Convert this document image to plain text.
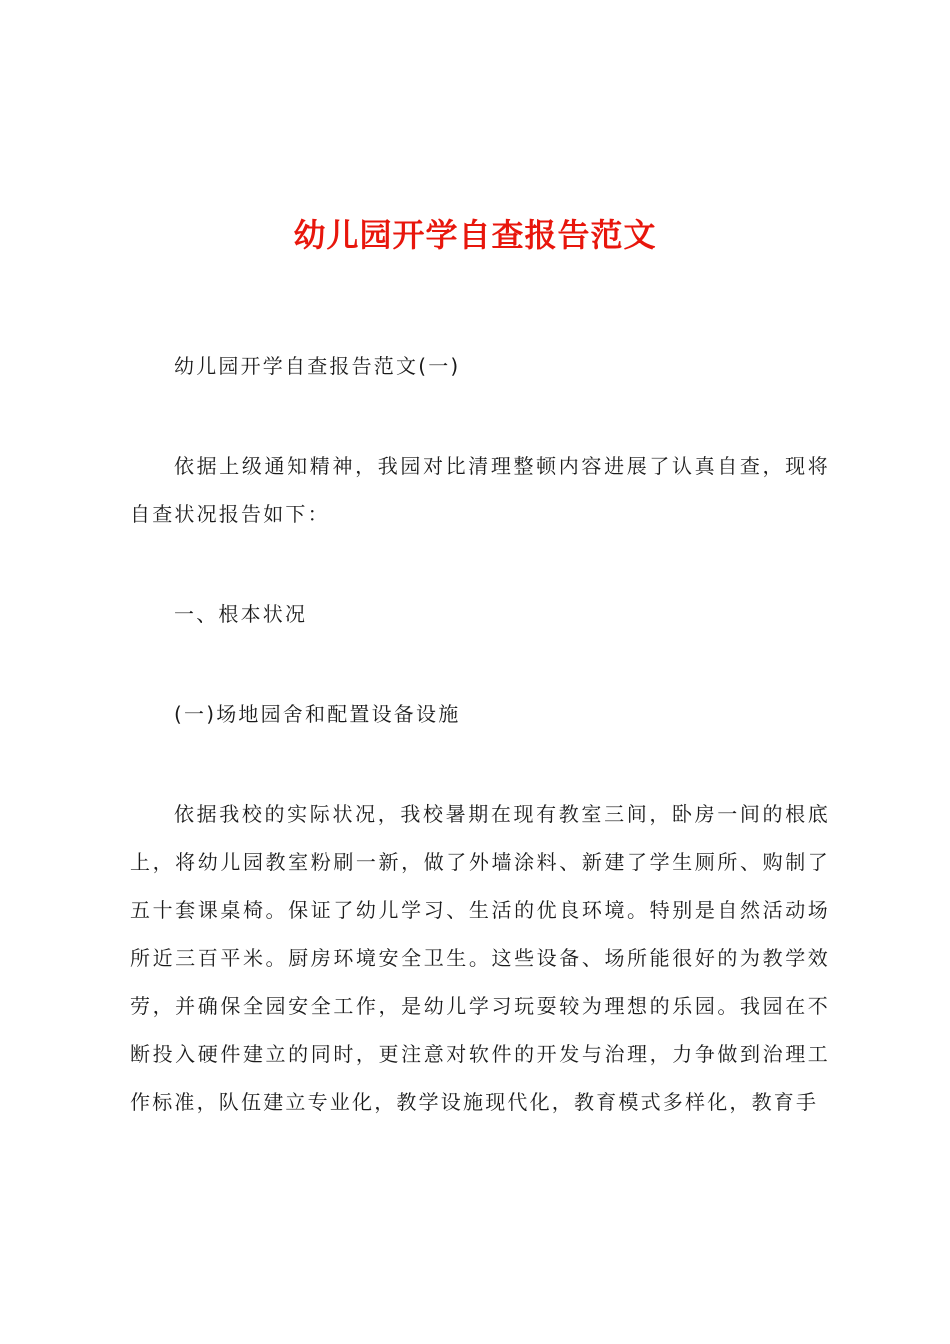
幼儿园开学自查报告范文

幼儿园开学自查报告范文(一)

依据上级通知精神，我园对比清理整顿内容进展了认真自查，现将自查状况报告如下：

一、根本状况

(一)场地园舍和配置设备设施

依据我校的实际状况，我校暑期在现有教室三间，卧房一间的根底上，将幼儿园教室粉刷一新，做了外墙涂料、新建了学生厕所、购制了五十套课桌椅。保证了幼儿学习、生活的优良环境。特别是自然活动场所近三百平米。厨房环境安全卫生。这些设备、场所能很好的为教学效劳，并确保全园安全工作，是幼儿学习玩耍较为理想的乐园。我园在不断投入硬件建立的同时，更注意对软件的开发与治理，力争做到治理工作标准，队伍建立专业化，教学设施现代化，教育模式多样化，教育手
